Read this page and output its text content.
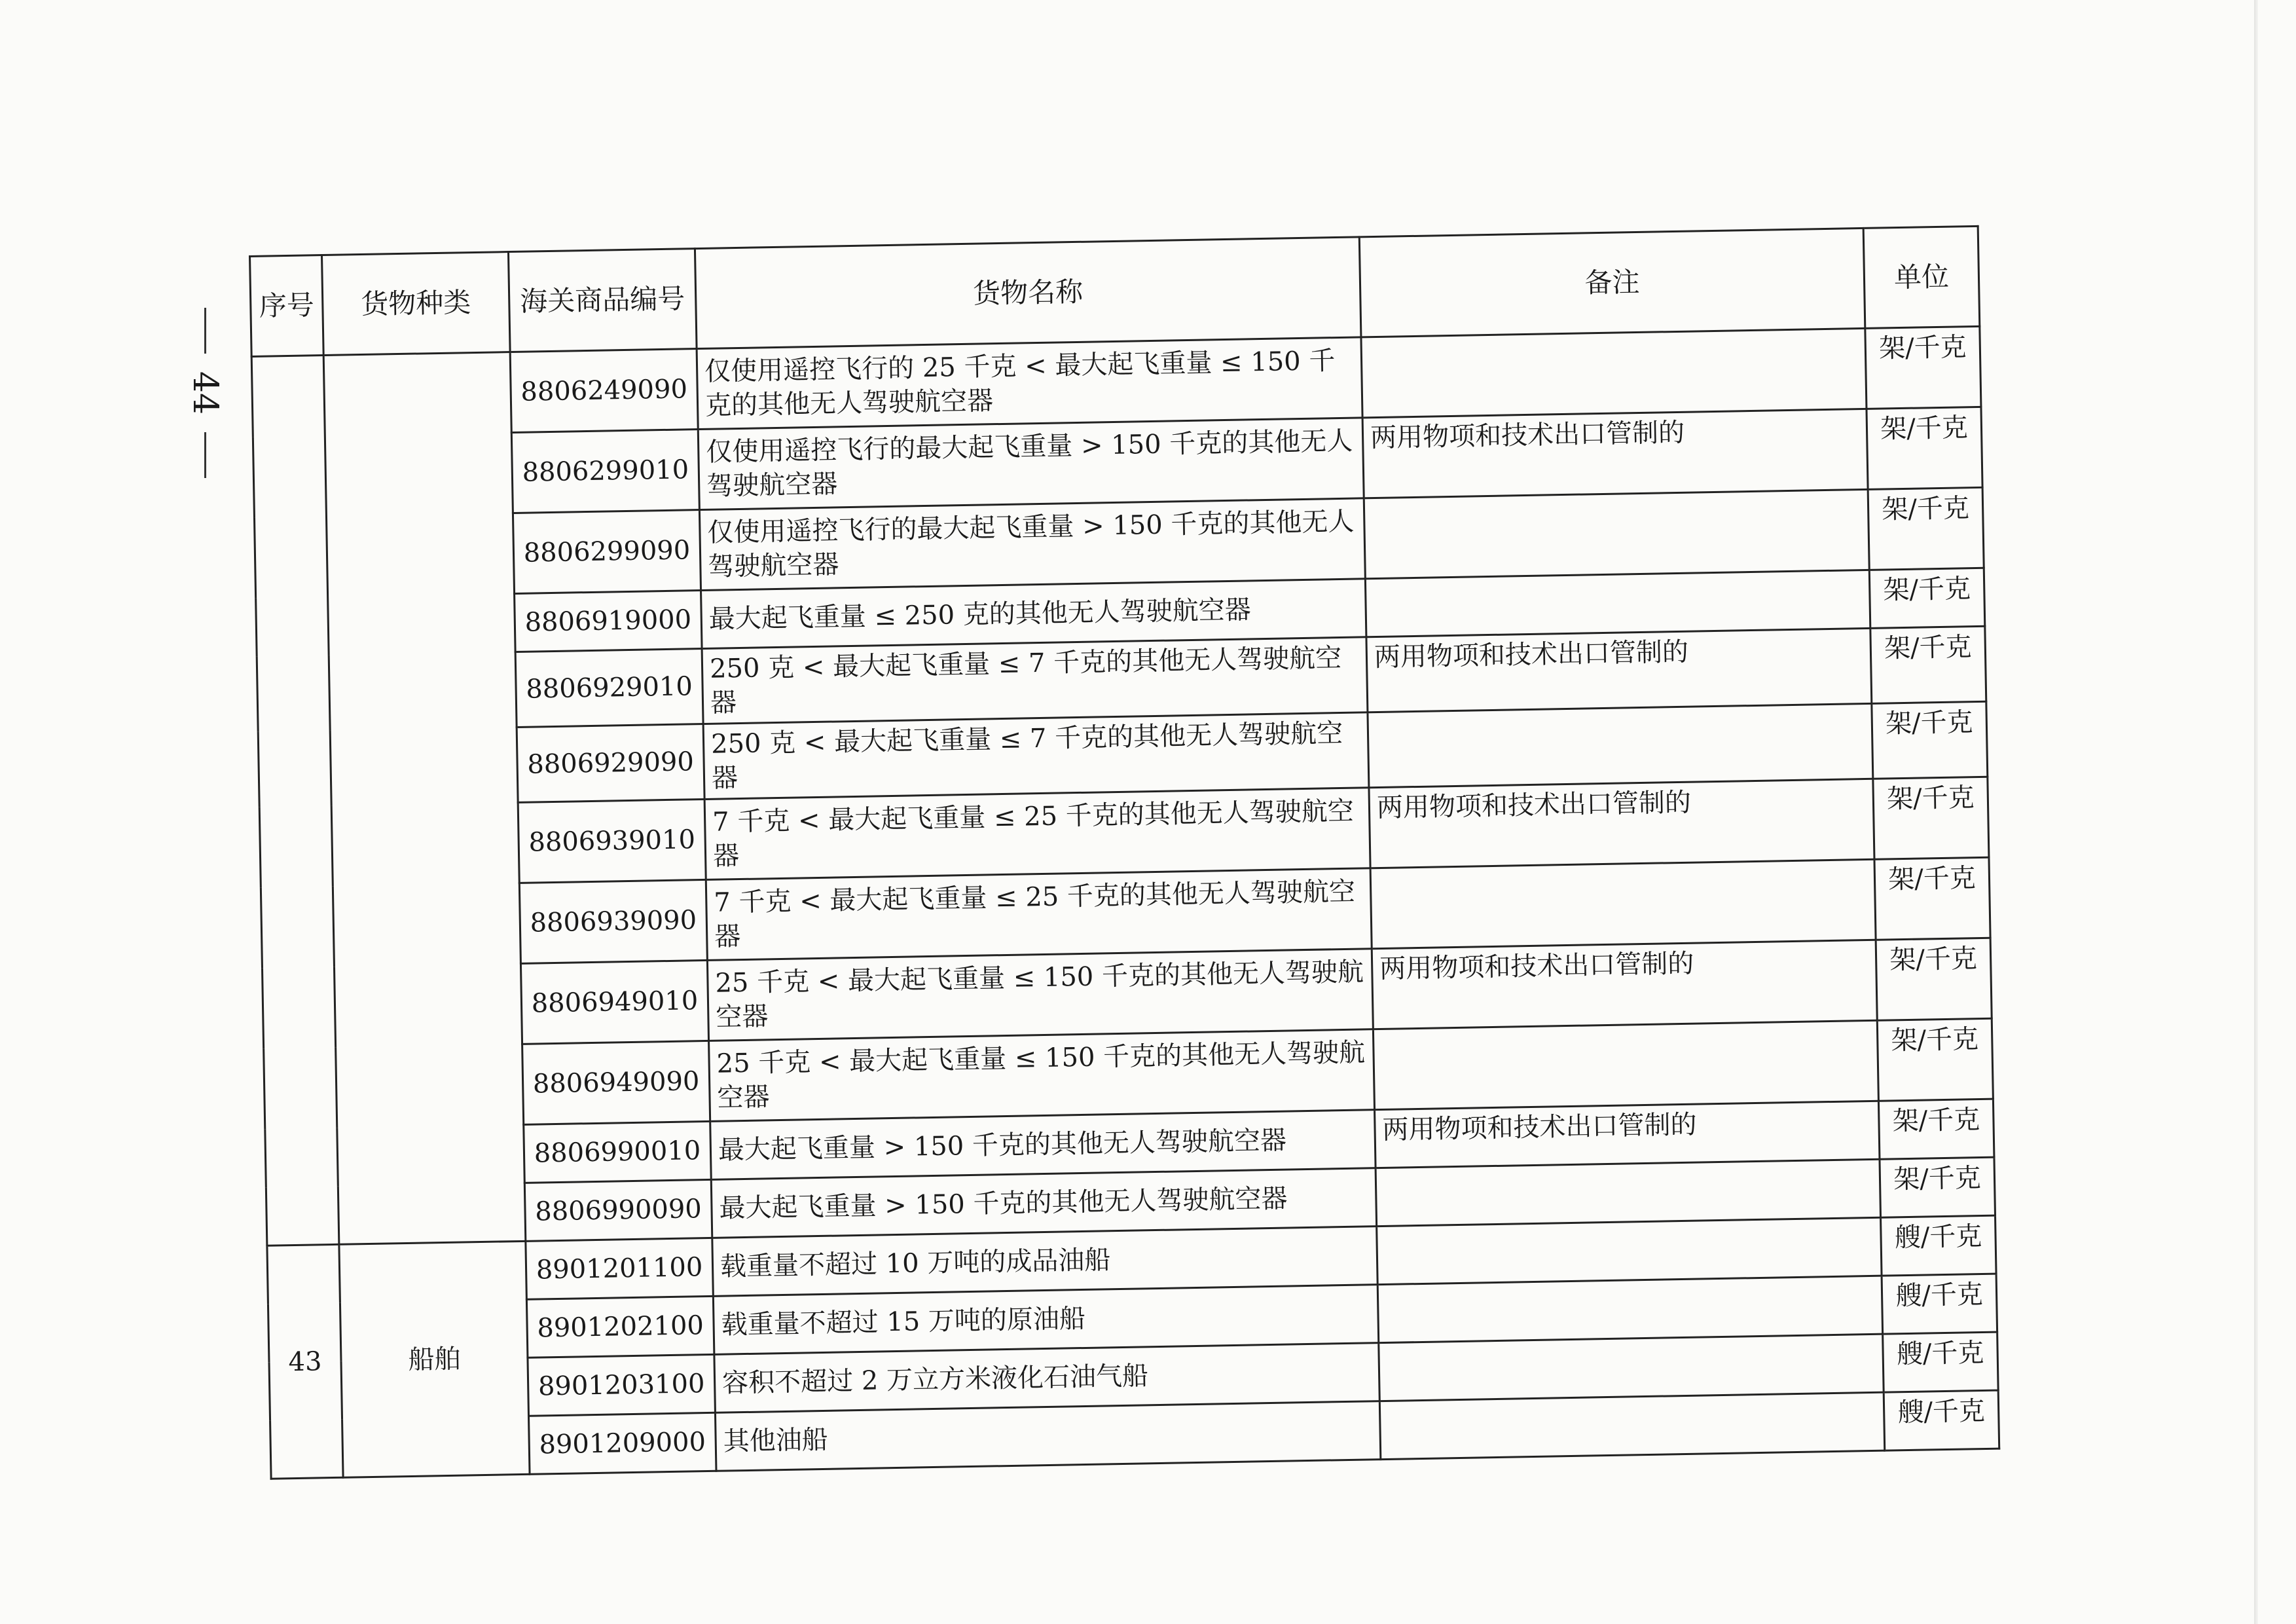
44
序号	货物种类	海关商品编号	货物名称	备注	单位
		8806249090	仅使用遥控飞行的 25 千克 < 最大起飞重量 ≤ 150 千克的其他无人驾驶航空器		架/千克
		8806299010	仅使用遥控飞行的最大起飞重量 > 150 千克的其他无人驾驶航空器	两用物项和技术出口管制的	架/千克
		8806299090	仅使用遥控飞行的最大起飞重量 > 150 千克的其他无人驾驶航空器		架/千克
		8806919000	最大起飞重量 ≤ 250 克的其他无人驾驶航空器		架/千克
		8806929010	250 克 < 最大起飞重量 ≤ 7 千克的其他无人驾驶航空器	两用物项和技术出口管制的	架/千克
		8806929090	250 克 < 最大起飞重量 ≤ 7 千克的其他无人驾驶航空器		架/千克
		8806939010	7 千克 < 最大起飞重量 ≤ 25 千克的其他无人驾驶航空器	两用物项和技术出口管制的	架/千克
		8806939090	7 千克 < 最大起飞重量 ≤ 25 千克的其他无人驾驶航空器		架/千克
		8806949010	25 千克 < 最大起飞重量 ≤ 150 千克的其他无人驾驶航空器	两用物项和技术出口管制的	架/千克
		8806949090	25 千克 < 最大起飞重量 ≤ 150 千克的其他无人驾驶航空器		架/千克
		8806990010	最大起飞重量 > 150 千克的其他无人驾驶航空器	两用物项和技术出口管制的	架/千克
		8806990090	最大起飞重量 > 150 千克的其他无人驾驶航空器		架/千克
43	船舶	8901201100	载重量不超过 10 万吨的成品油船		艘/千克
		8901202100	载重量不超过 15 万吨的原油船		艘/千克
		8901203100	容积不超过 2 万立方米液化石油气船		艘/千克
		8901209000	其他油船		艘/千克
